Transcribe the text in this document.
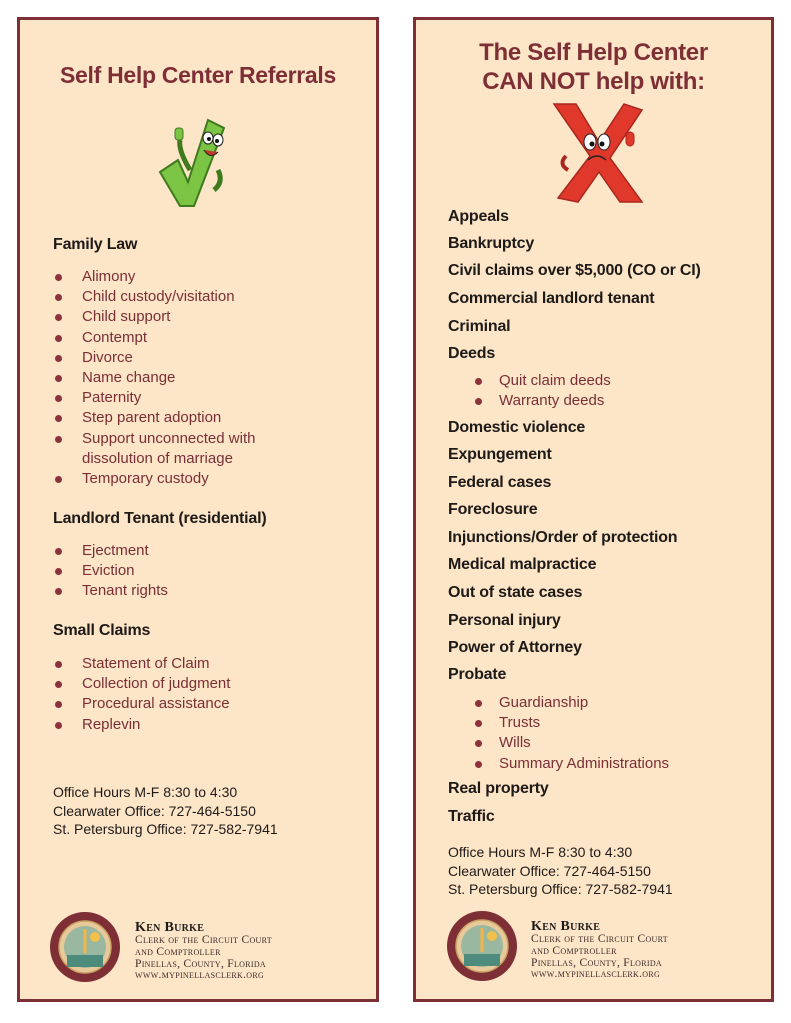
Self Help Center Referrals
Family Law
Alimony
Child custody/visitation
Child support
Contempt
Divorce
Name change
Paternity
Step parent adoption
Support unconnected with dissolution of marriage
Temporary custody
Landlord Tenant (residential)
Ejectment
Eviction
Tenant rights
Small Claims
Statement of Claim
Collection of judgment
Procedural assistance
Replevin
Office Hours M-F 8:30 to 4:30
Clearwater Office: 727-464-5150
St. Petersburg Office: 727-582-7941
Ken Burke
Clerk of the Circuit Court
and Comptroller
Pinellas, County, Florida
www.mypinellasclerk.org
The Self Help Center
CAN NOT help with:
Appeals
Bankruptcy
Civil claims over $5,000 (CO or CI)
Commercial landlord tenant
Criminal
Deeds
Quit claim deeds
Warranty deeds
Domestic violence
Expungement
Federal cases
Foreclosure
Injunctions/Order of protection
Medical malpractice
Out of state cases
Personal injury
Power of Attorney
Probate
Guardianship
Trusts
Wills
Summary Administrations
Real property
Traffic
Office Hours M-F 8:30 to 4:30
Clearwater Office: 727-464-5150
St. Petersburg Office: 727-582-7941
Ken Burke
Clerk of the Circuit Court
and Comptroller
Pinellas, County, Florida
www.mypinellasclerk.org
